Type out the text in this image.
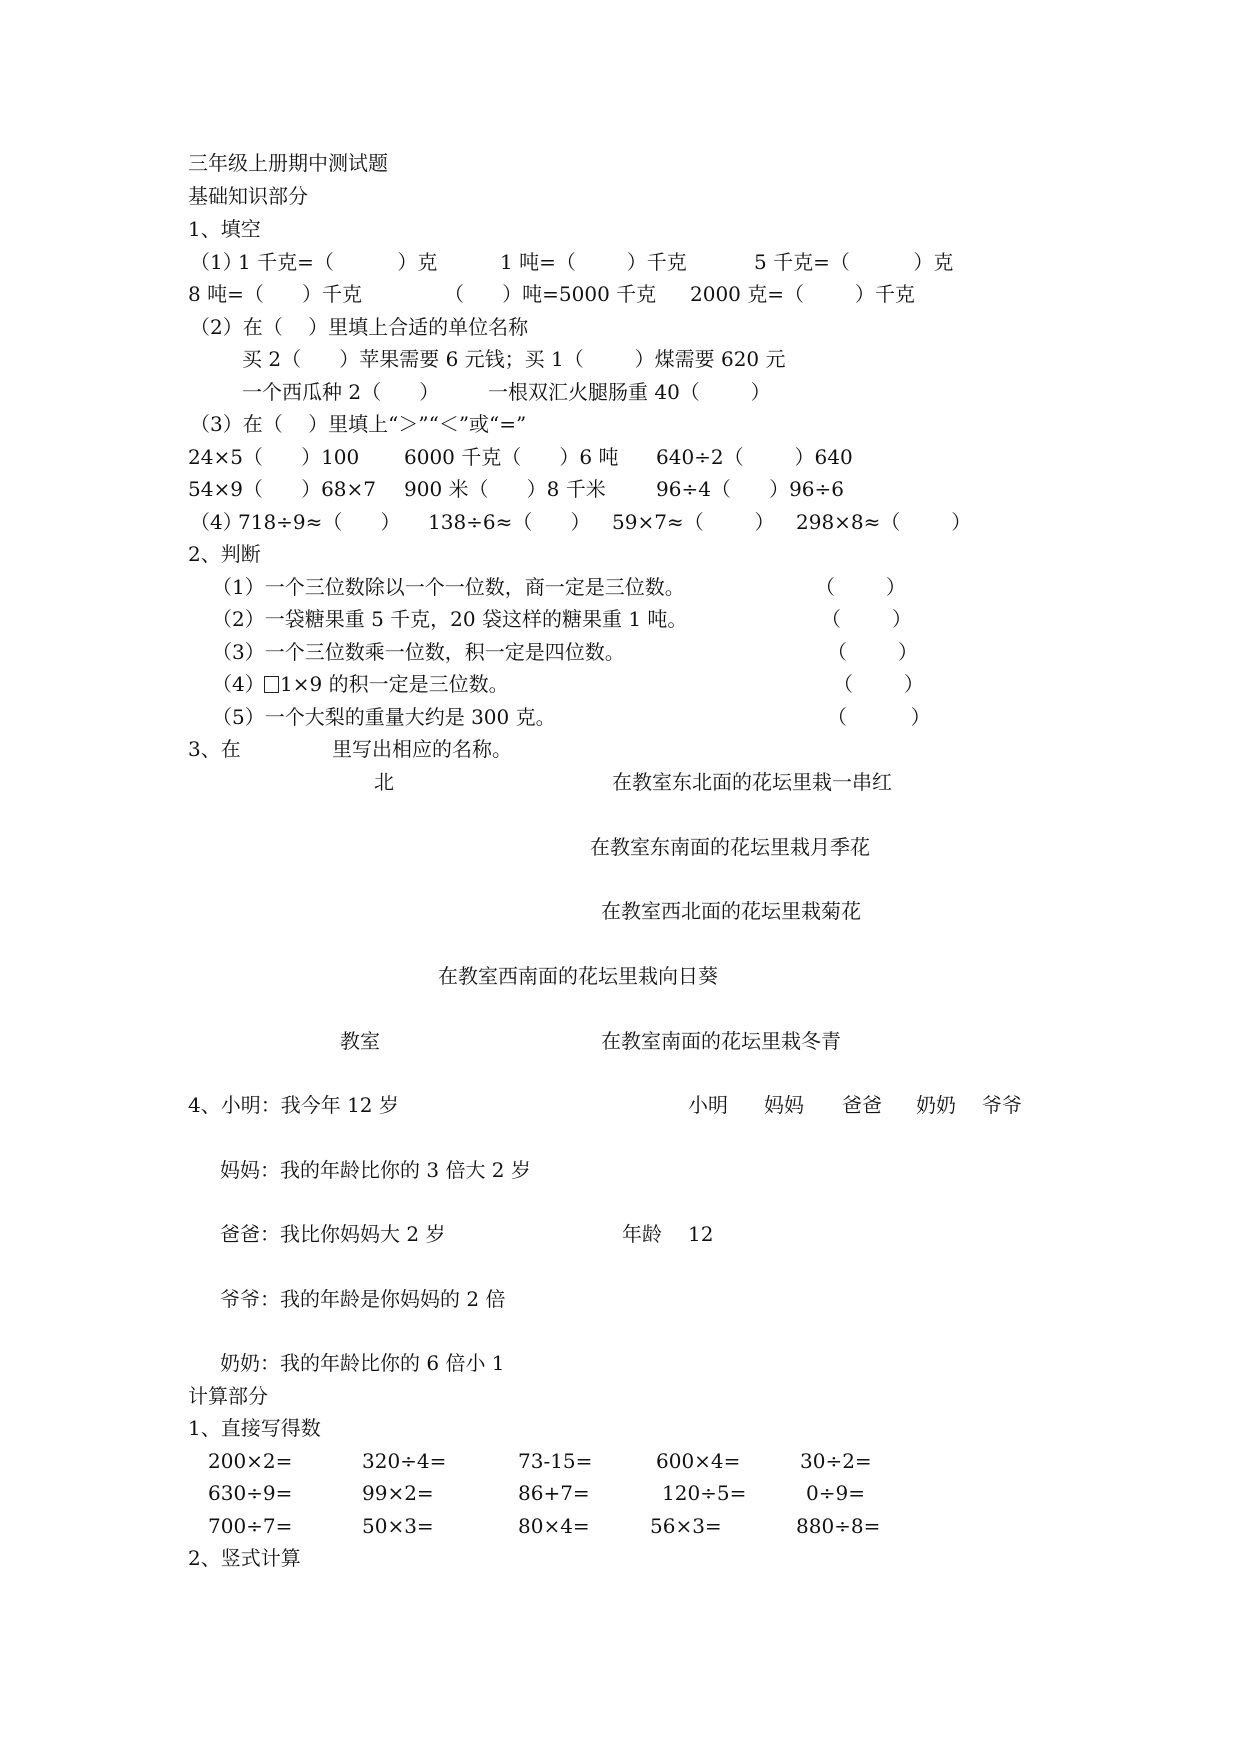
三年级上册期中测试题
基础知识部分
1、填空
（1）
1 千克=（          ）克	1 吨=（        ）千克	5 千克=（          ）克
8 吨=（      ）千克	（      ）吨=5000 千克 2000 克=（        ）千克
（2）在（    ）里填上合适的单位名称
买 2（      ）苹果需要 6 元钱；买 1（        ）煤需要 620 元
一个西瓜种 2（      ） 一根双汇火腿肠重 40（        ）
（3）在（    ）里填上“＞”“＜”或“=”
24×5（      ）100 6000 千克（      ）6 吨 640÷2（        ）640
54×9（      ）68×7 900 米（      ）8 千米	96÷4（      ）96÷6
（4）
718÷9≈（      ） 138÷6≈（      ） 59×7≈（        ） 298×8≈（        ）
2、判断
（1）一个三位数除以一个一位数，商一定是三位数。	（        ）
（2）一袋糖果重 5 千克，20 袋这样的糖果重 1 吨。	（        ）
（3）一个三位数乘一位数，积一定是四位数。	（        ）
（4） 1×9 的积一定是三位数。	（        ）
（5）一个大梨的重量大约是 300 克。	（          ）
3、在	里写出相应的名称。
北	在教室东北面的花坛里栽一串红
在教室东南面的花坛里栽月季花
在教室西北面的花坛里栽菊花
在教室西南面的花坛里栽向日葵
教室	在教室南面的花坛里栽冬青
4、小明：我今年 12 岁	小明 妈妈 爸爸 奶奶 爷爷
妈妈：我的年龄比你的 3 倍大 2 岁
爸爸：我比你妈妈大 2 岁	年龄 12
爷爷：我的年龄是你妈妈的 2 倍
奶奶：我的年龄比你的 6 倍小 1
计算部分
1、直接写得数
200×2=	320÷4=	73-15=	600×4=	30÷2=
630÷9=	99×2=	86+7=	120÷5=	0÷9=
700÷7=	50×3=	80×4=	56×3=	880÷8=
2、竖式计算
